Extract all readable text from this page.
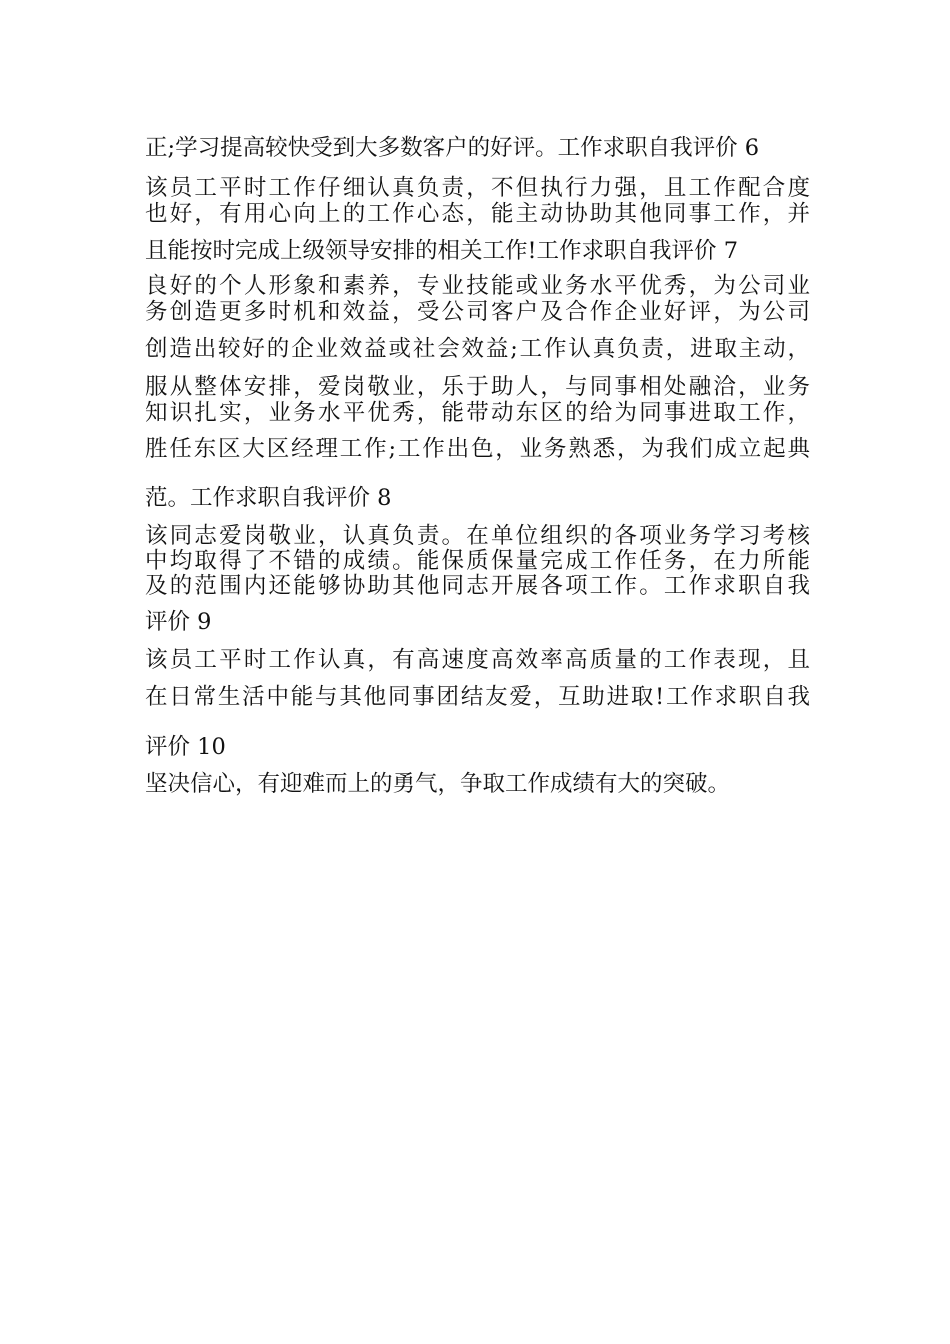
正;学习提高较快受到大多数客户的好评。工作求职自我评价 6
该员工平时工作仔细认真负责，不但执行力强，且工作配合度
也好，有用心向上的工作心态，能主动协助其他同事工作，并
且能按时完成上级领导安排的相关工作!工作求职自我评价 7
良好的个人形象和素养，专业技能或业务水平优秀，为公司业
务创造更多时机和效益，受公司客户及合作企业好评，为公司
创造出较好的企业效益或社会效益;工作认真负责，进取主动，
服从整体安排，爱岗敬业，乐于助人，与同事相处融洽，业务
知识扎实，业务水平优秀，能带动东区的给为同事进取工作，
胜任东区大区经理工作;工作出色，业务熟悉，为我们成立起典
范。工作求职自我评价 8
该同志爱岗敬业，认真负责。在单位组织的各项业务学习考核
中均取得了不错的成绩。能保质保量完成工作任务，在力所能
及的范围内还能够协助其他同志开展各项工作。工作求职自我
评价 9
该员工平时工作认真，有高速度高效率高质量的工作表现，且
在日常生活中能与其他同事团结友爱，互助进取!工作求职自我
评价 10
坚决信心，有迎难而上的勇气，争取工作成绩有大的突破。
